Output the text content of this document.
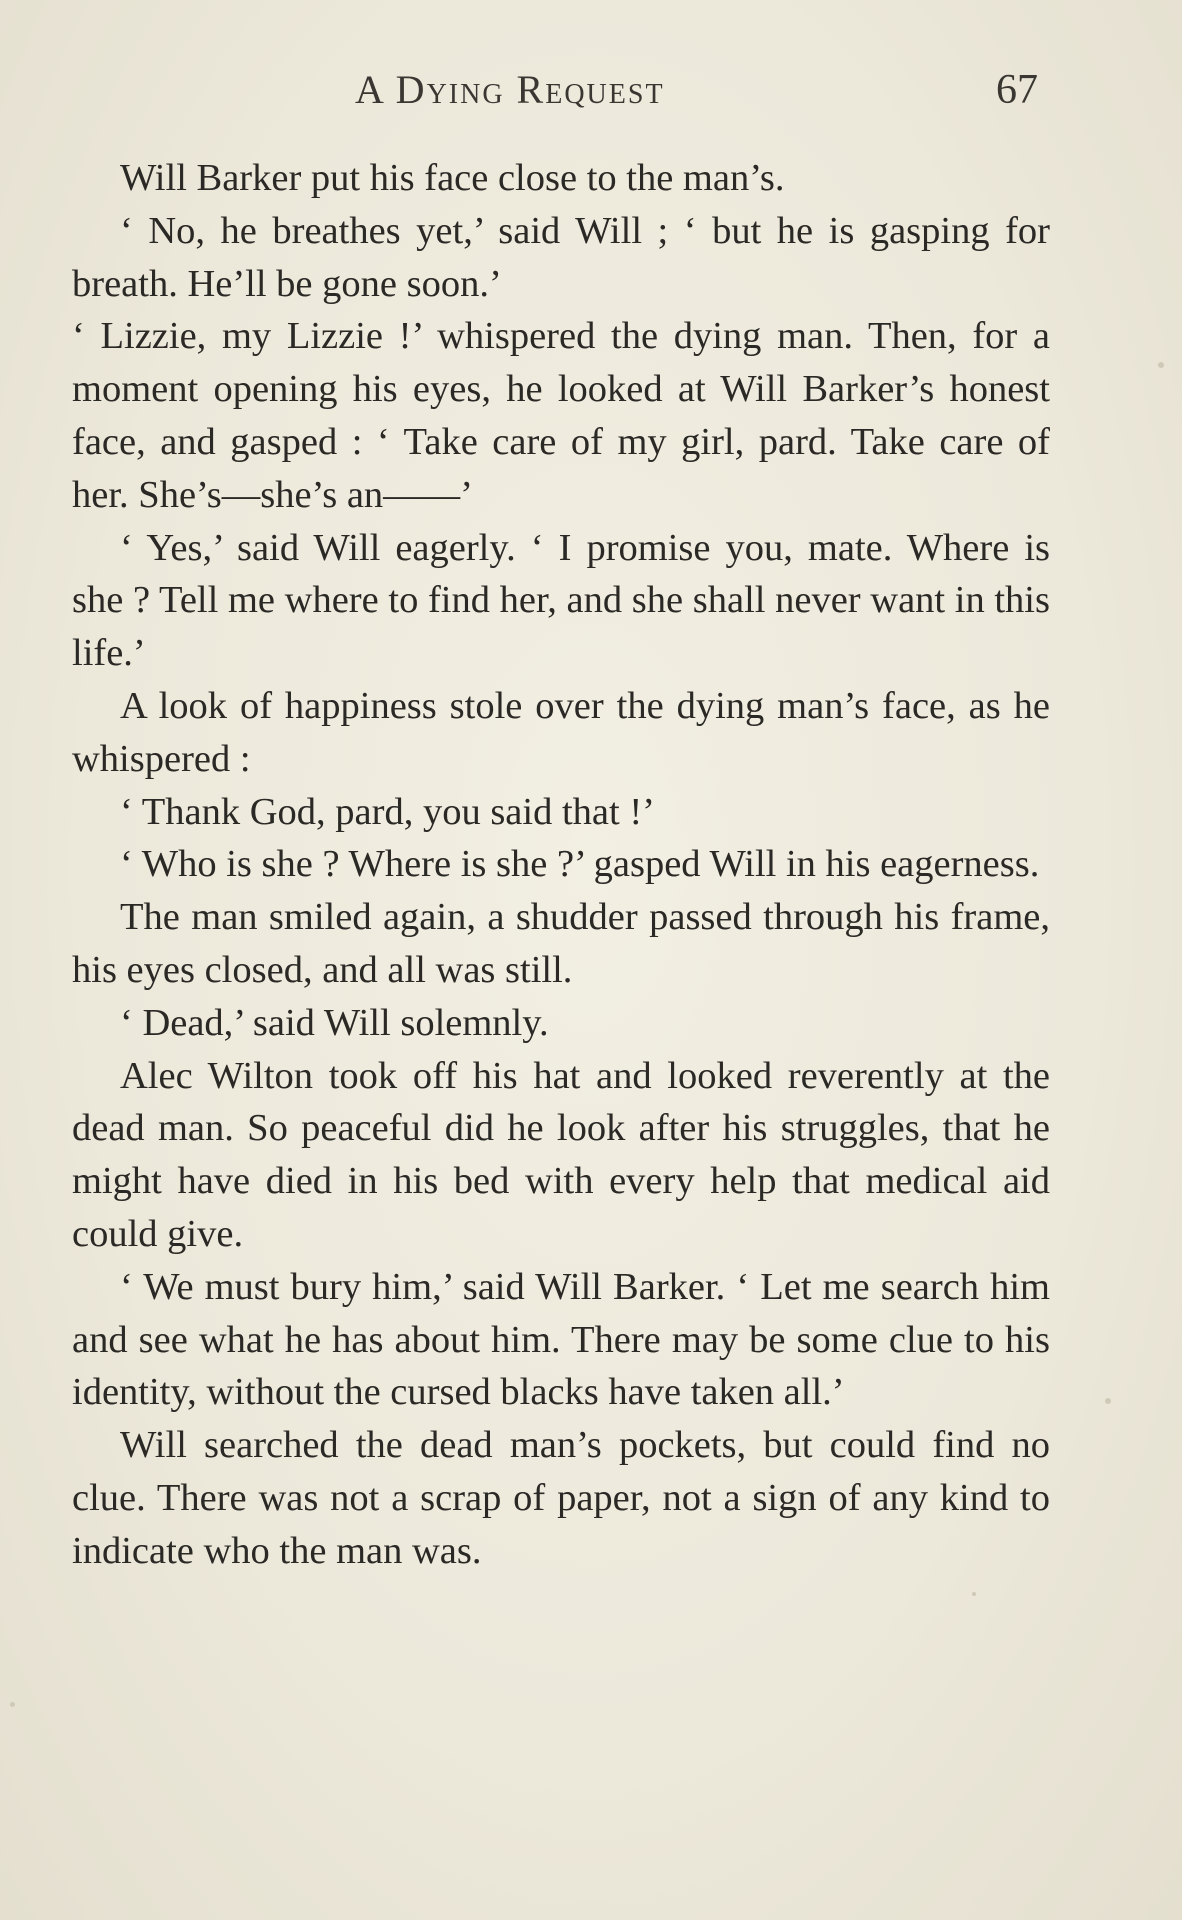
A Dying Request	67

Will Barker put his face close to the man’s.

‘ No, he breathes yet,’ said Will ; ‘ but he is gasping for breath. He’ll be gone soon.’

‘ Lizzie, my Lizzie !’ whispered the dying man. Then, for a moment opening his eyes, he looked at Will Barker’s honest face, and gasped : ‘ Take care of my girl, pard. Take care of her. She’s—she’s an——’

‘ Yes,’ said Will eagerly. ‘ I promise you, mate. Where is she ? Tell me where to find her, and she shall never want in this life.’

A look of happiness stole over the dying man’s face, as he whispered :

‘ Thank God, pard, you said that !’

‘ Who is she ? Where is she ?’ gasped Will in his eagerness.

The man smiled again, a shudder passed through his frame, his eyes closed, and all was still.

‘ Dead,’ said Will solemnly.

Alec Wilton took off his hat and looked reverently at the dead man. So peaceful did he look after his struggles, that he might have died in his bed with every help that medical aid could give.

‘ We must bury him,’ said Will Barker. ‘ Let me search him and see what he has about him. There may be some clue to his identity, without the cursed blacks have taken all.’

Will searched the dead man’s pockets, but could find no clue. There was not a scrap of paper, not a sign of any kind to indicate who the man was.
